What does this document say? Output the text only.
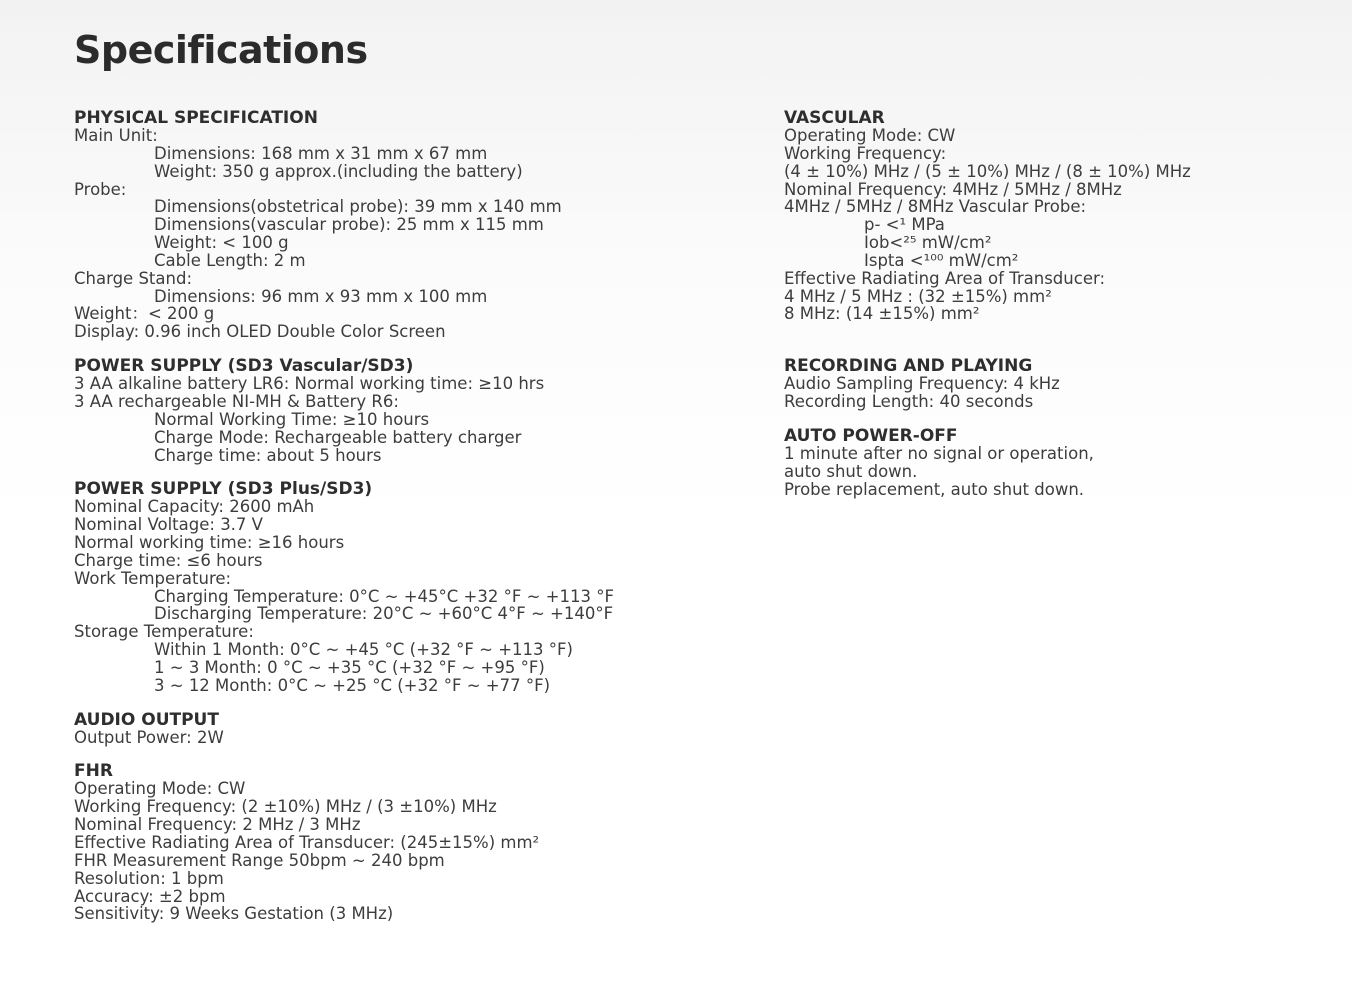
Specifications
PHYSICAL SPECIFICATION
Main Unit:
Dimensions: 168 mm x 31 mm x 67 mm
Weight: 350 g approx.(including the battery)
Probe:
Dimensions(obstetrical probe): 39 mm x 140 mm
Dimensions(vascular probe): 25 mm x 115 mm
Weight: < 100 g
Cable Length: 2 m
Charge Stand:
Dimensions: 96 mm x 93 mm x 100 mm
Weight：< 200 g
Display: 0.96 inch OLED Double Color Screen
POWER SUPPLY (SD3 Vascular/SD3)
3 AA alkaline battery LR6: Normal working time: ≥10 hrs
3 AA rechargeable NI-MH & Battery R6:
Normal Working Time: ≥10 hours
Charge Mode: Rechargeable battery charger
Charge time: about 5 hours
POWER SUPPLY (SD3 Plus/SD3)
Nominal Capacity: 2600 mAh
Nominal Voltage: 3.7 V
Normal working time: ≥16 hours
Charge time: ≤6 hours
Work Temperature:
Charging Temperature: 0°C ~ +45°C +32 °F ~ +113 °F
Discharging Temperature: 20°C ~ +60°C 4°F ~ +140°F
Storage Temperature:
Within 1 Month: 0°C ~ +45 °C (+32 °F ~ +113 °F)
1 ~ 3 Month: 0 °C ~ +35 °C (+32 °F ~ +95 °F)
3 ~ 12 Month: 0°C ~ +25 °C (+32 °F ~ +77 °F)
AUDIO OUTPUT
Output Power: 2W
FHR
Operating Mode: CW
Working Frequency: (2 ±10%) MHz / (3 ±10%) MHz
Nominal Frequency: 2 MHz / 3 MHz
Effective Radiating Area of Transducer: (245±15%) mm²
FHR Measurement Range 50bpm ~ 240 bpm
Resolution: 1 bpm
Accuracy: ±2 bpm
Sensitivity: 9 Weeks Gestation (3 MHz)
VASCULAR
Operating Mode: CW
Working Frequency:
(4 ± 10%) MHz / (5 ± 10%) MHz / (8 ± 10%) MHz
Nominal Frequency: 4MHz / 5MHz / 8MHz
4MHz / 5MHz / 8MHz Vascular Probe:
p- <¹ MPa
Iob<²⁵ mW/cm²
Ispta <¹⁰⁰ mW/cm²
Effective Radiating Area of Transducer:
4 MHz / 5 MHz : (32 ±15%) mm²
8 MHz: (14 ±15%) mm²
RECORDING AND PLAYING
Audio Sampling Frequency: 4 kHz
Recording Length: 40 seconds
AUTO POWER-OFF
1 minute after no signal or operation,
auto shut down.
Probe replacement, auto shut down.
